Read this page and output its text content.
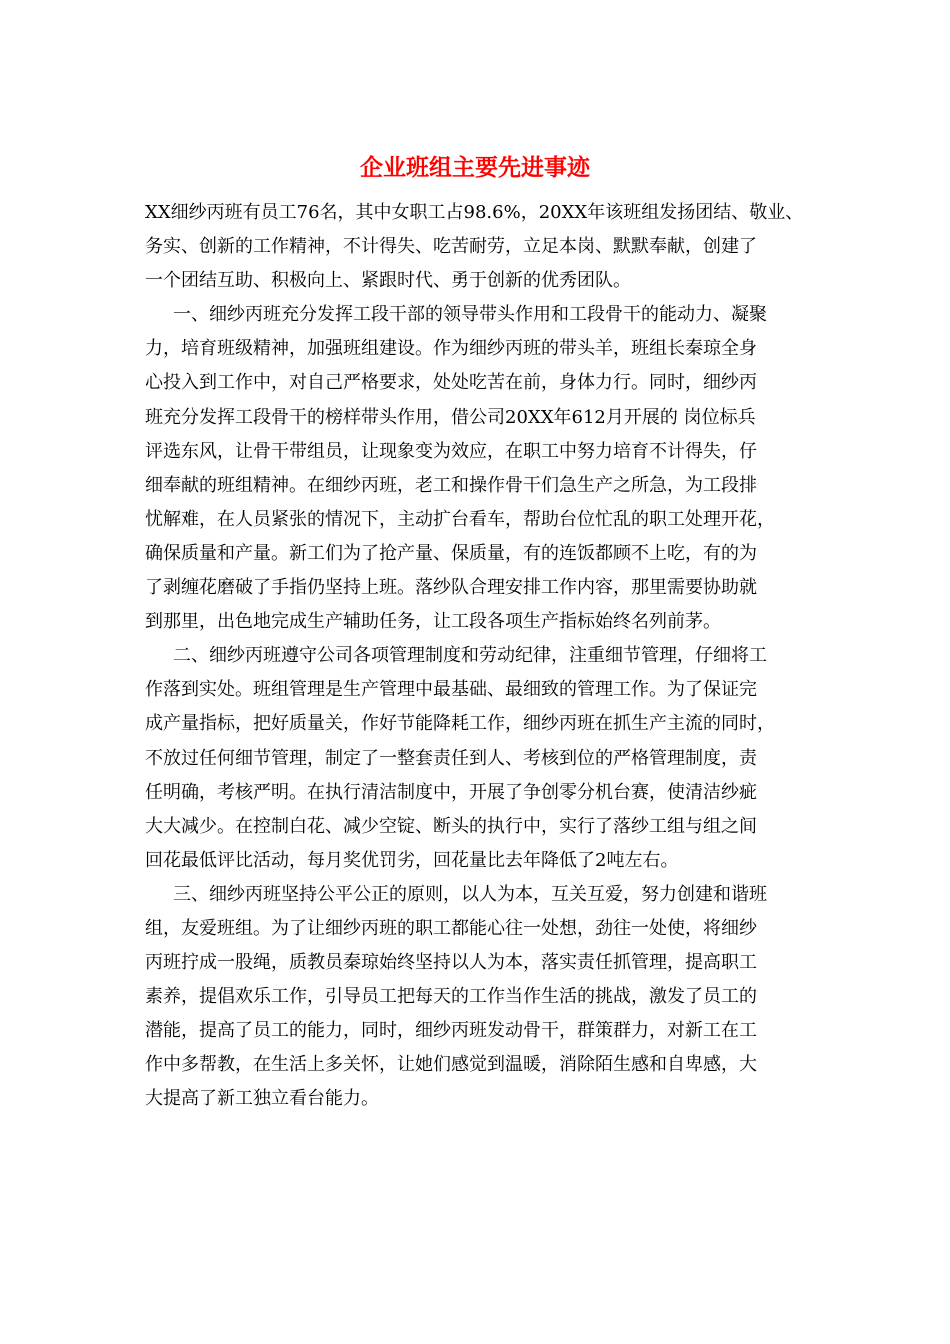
企业班组主要先进事迹
XX细纱丙班有员工76名，其中女职工占98.6%，20XX年该班组发扬团结、敬业、
务实、创新的工作精神，不计得失、吃苦耐劳，立足本岗、默默奉献，创建了
一个团结互助、积极向上、紧跟时代、勇于创新的优秀团队。
一、细纱丙班充分发挥工段干部的领导带头作用和工段骨干的能动力、凝聚
力，培育班级精神，加强班组建设。作为细纱丙班的带头羊，班组长秦琼全身
心投入到工作中，对自己严格要求，处处吃苦在前，身体力行。同时，细纱丙
班充分发挥工段骨干的榜样带头作用，借公司20XX年612月开展的 岗位标兵
评选东风，让骨干带组员，让现象变为效应，在职工中努力培育不计得失，仔
细奉献的班组精神。在细纱丙班，老工和操作骨干们急生产之所急，为工段排
忧解难，在人员紧张的情况下，主动扩台看车，帮助台位忙乱的职工处理开花，
确保质量和产量。新工们为了抢产量、保质量，有的连饭都顾不上吃，有的为
了剥缠花磨破了手指仍坚持上班。落纱队合理安排工作内容，那里需要协助就
到那里，出色地完成生产辅助任务，让工段各项生产指标始终名列前茅。
二、细纱丙班遵守公司各项管理制度和劳动纪律，注重细节管理，仔细将工
作落到实处。班组管理是生产管理中最基础、最细致的管理工作。为了保证完
成产量指标，把好质量关，作好节能降耗工作，细纱丙班在抓生产主流的同时，
不放过任何细节管理，制定了一整套责任到人、考核到位的严格管理制度，责
任明确，考核严明。在执行清洁制度中，开展了争创零分机台赛，使清洁纱疵
大大减少。在控制白花、减少空锭、断头的执行中，实行了落纱工组与组之间
回花最低评比活动，每月奖优罚劣，回花量比去年降低了2吨左右。
三、细纱丙班坚持公平公正的原则，以人为本，互关互爱，努力创建和谐班
组，友爱班组。为了让细纱丙班的职工都能心往一处想，劲往一处使，将细纱
丙班拧成一股绳，质教员秦琼始终坚持以人为本，落实责任抓管理，提高职工
素养，提倡欢乐工作，引导员工把每天的工作当作生活的挑战，激发了员工的
潜能，提高了员工的能力，同时，细纱丙班发动骨干，群策群力，对新工在工
作中多帮教，在生活上多关怀，让她们感觉到温暖，消除陌生感和自卑感，大
大提高了新工独立看台能力。
